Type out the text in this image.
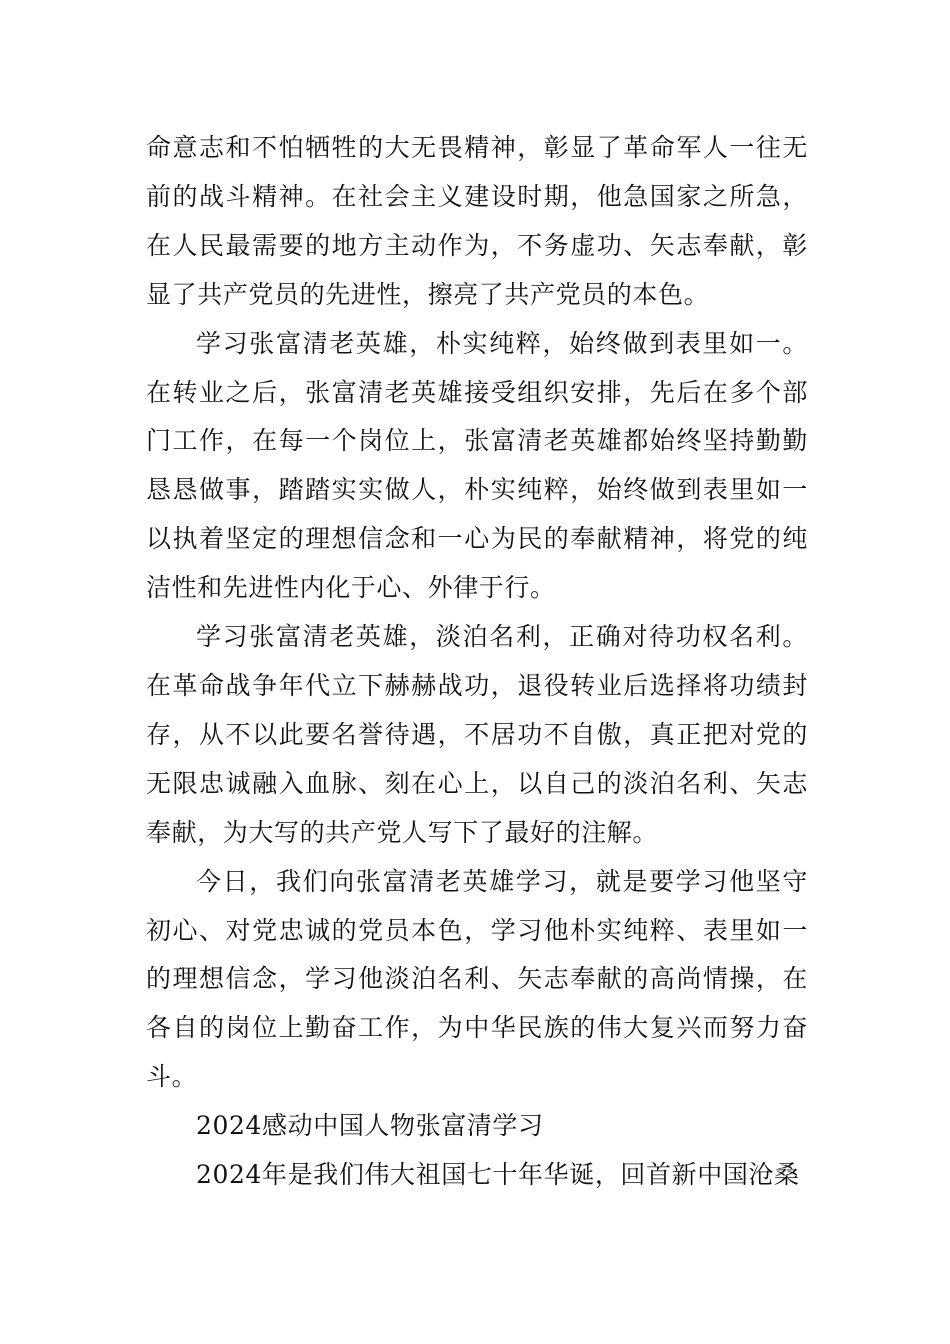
命意志和不怕牺牲的大无畏精神，彰显了革命军人一往无前的战斗精神。在社会主义建设时期，他急国家之所急，在人民最需要的地方主动作为，不务虚功、矢志奉献，彰显了共产党员的先进性，擦亮了共产党员的本色。

学习张富清老英雄，朴实纯粹，始终做到表里如一。在转业之后，张富清老英雄接受组织安排，先后在多个部门工作，在每一个岗位上，张富清老英雄都始终坚持勤勤恳恳做事，踏踏实实做人，朴实纯粹，始终做到表里如一以执着坚定的理想信念和一心为民的奉献精神，将党的纯洁性和先进性内化于心、外律于行。

学习张富清老英雄，淡泊名利，正确对待功权名利。在革命战争年代立下赫赫战功，退役转业后选择将功绩封存，从不以此要名誉待遇，不居功不自傲，真正把对党的无限忠诚融入血脉、刻在心上，以自己的淡泊名利、矢志奉献，为大写的共产党人写下了最好的注解。

今日，我们向张富清老英雄学习，就是要学习他坚守初心、对党忠诚的党员本色，学习他朴实纯粹、表里如一的理想信念，学习他淡泊名利、矢志奉献的高尚情操，在各自的岗位上勤奋工作，为中华民族的伟大复兴而努力奋斗。

2024感动中国人物张富清学习

2024年是我们伟大祖国七十年华诞，回首新中国沧桑
